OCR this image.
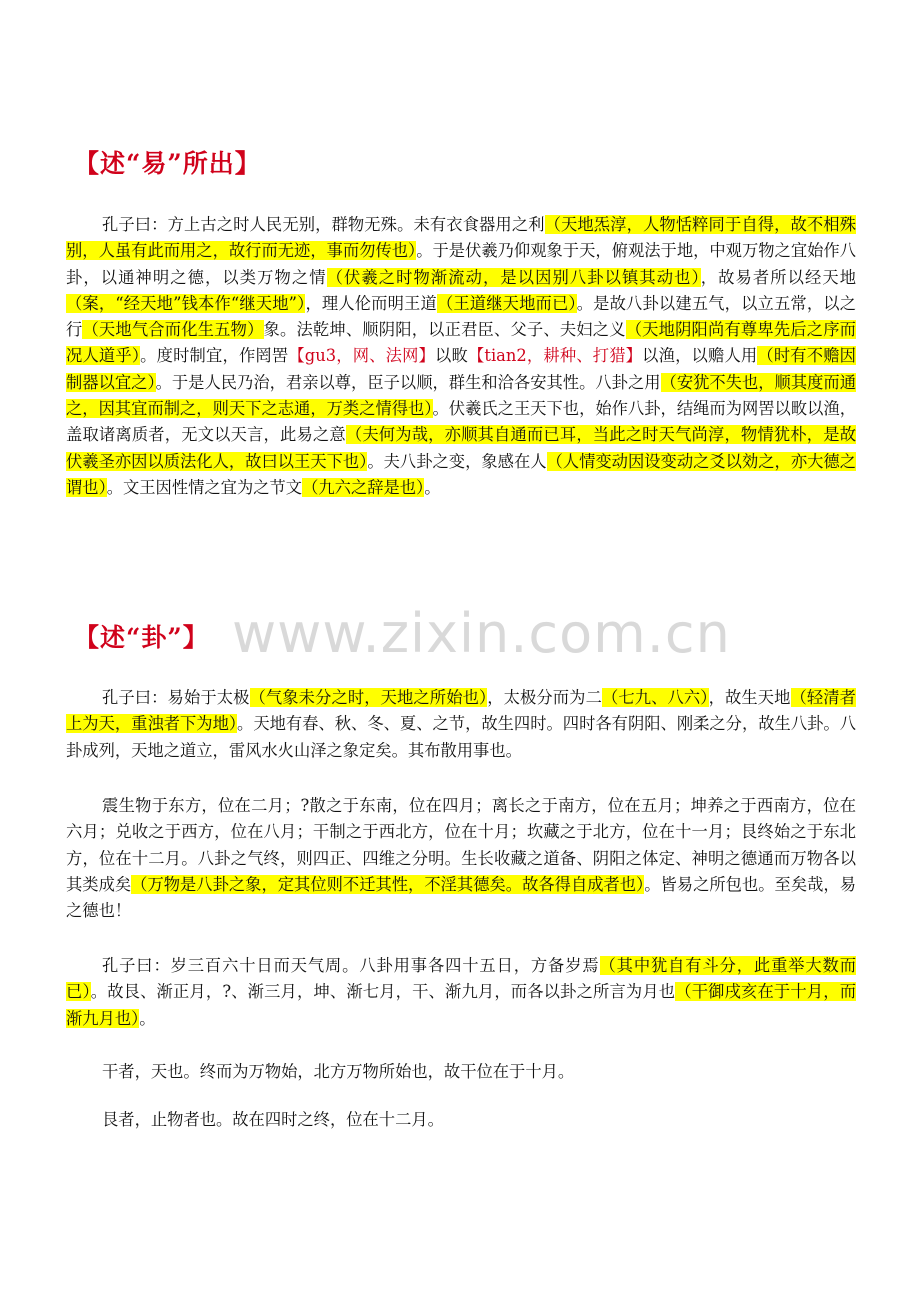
【述“易”所出】

孔子曰：方上古之时人民无别，群物无殊。未有衣食器用之利（天地炁淳，人物恬粹同于自得，故不相殊别，人虽有此而用之，故行而无迹，事而勿传也）。于是伏羲乃仰观象于天，俯观法于地，中观万物之宜始作八卦，以通神明之德，以类万物之情（伏羲之时物渐流动，是以因别八卦以镇其动也），故易者所以经天地（案，“经天地”钱本作“继天地”），理人伦而明王道（王道继天地而已）。是故八卦以建五气，以立五常，以之行（天地气合而化生五物）象。法乾坤、顺阴阳，以正君臣、父子、夫妇之义（天地阴阳尚有尊卑先后之序而况人道乎）。度时制宜，作罔罟【gu3，网、法网】以畋【tian2，耕种、打猎】以渔，以赡人用（时有不赡因制器以宜之）。于是人民乃治，君亲以尊，臣子以顺，群生和洽各安其性。八卦之用（安犹不失也，顺其度而通之，因其宜而制之，则天下之志通，万类之情得也）。伏羲氏之王天下也，始作八卦，结绳而为网罟以畋以渔，盖取诸离质者，无文以天言，此易之意（夫何为哉，亦顺其自通而已耳，当此之时天气尚淳，物情犹朴，是故伏羲圣亦因以质法化人，故曰以王天下也）。夫八卦之变，象感在人（人情变动因设变动之爻以効之，亦大德之谓也）。文王因性情之宜为之节文（九六之辞是也）。

【述“卦”】

孔子曰：易始于太极（气象未分之时，天地之所始也），太极分而为二（七九、八六），故生天地（轻清者上为天，重浊者下为地）。天地有春、秋、冬、夏、之节，故生四时。四时各有阴阳、刚柔之分，故生八卦。八卦成列，天地之道立，雷风水火山泽之象定矣。其布散用事也。

震生物于东方，位在二月；?散之于东南，位在四月；离长之于南方，位在五月；坤养之于西南方，位在六月；兑收之于西方，位在八月；干制之于西北方，位在十月；坎藏之于北方，位在十一月；艮终始之于东北方，位在十二月。八卦之气终，则四正、四维之分明。生长收藏之道备、阴阳之体定、神明之德通而万物各以其类成矣（万物是八卦之象，定其位则不迁其性，不淫其德矣。故各得自成者也）。皆易之所包也。至矣哉，易之德也！

孔子曰：岁三百六十日而天气周。八卦用事各四十五日，方备岁焉（其中犹自有斗分，此重举大数而已）。故艮、渐正月，?、渐三月，坤、渐七月，干、渐九月，而各以卦之所言为月也（干御戌亥在于十月，而渐九月也）。

干者，天也。终而为万物始，北方万物所始也，故干位在于十月。

艮者，止物者也。故在四时之终，位在十二月。

www.zixin.com.cn
